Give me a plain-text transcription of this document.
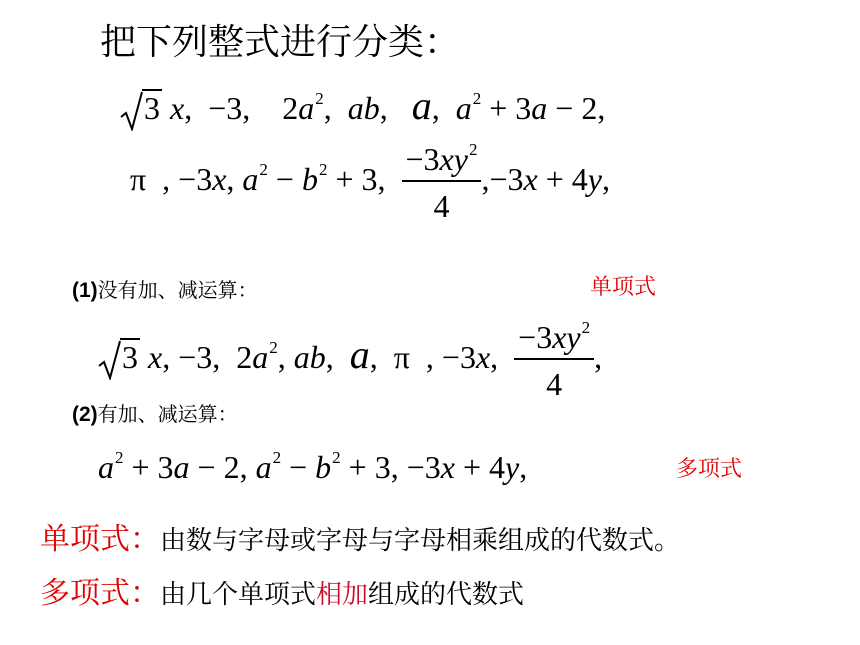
把下列整式进行分类：
3 x,  −3,    $2a^2$,  ab,   a,  $a^2 + 3a - 2$,
π  , −3x, $a^2 - b^2 + 3$, $\frac{-3xy^2}{4} ,-3x + 4y$,
(1)没有加、减运算：	单项式
3 x, −3,  $2a^2$, ab,  a,  π  , −3x, $\frac{-3xy^2}{4}$ ,
(2)有加、减运算：
$a^2 + 3a - 2$, $a^2 - b^2 + 3$, −3x + 4y,	多项式
单项式：由数与字母或字母与字母相乘组成的代数式。
多项式：由几个单项式相加组成的代数式
